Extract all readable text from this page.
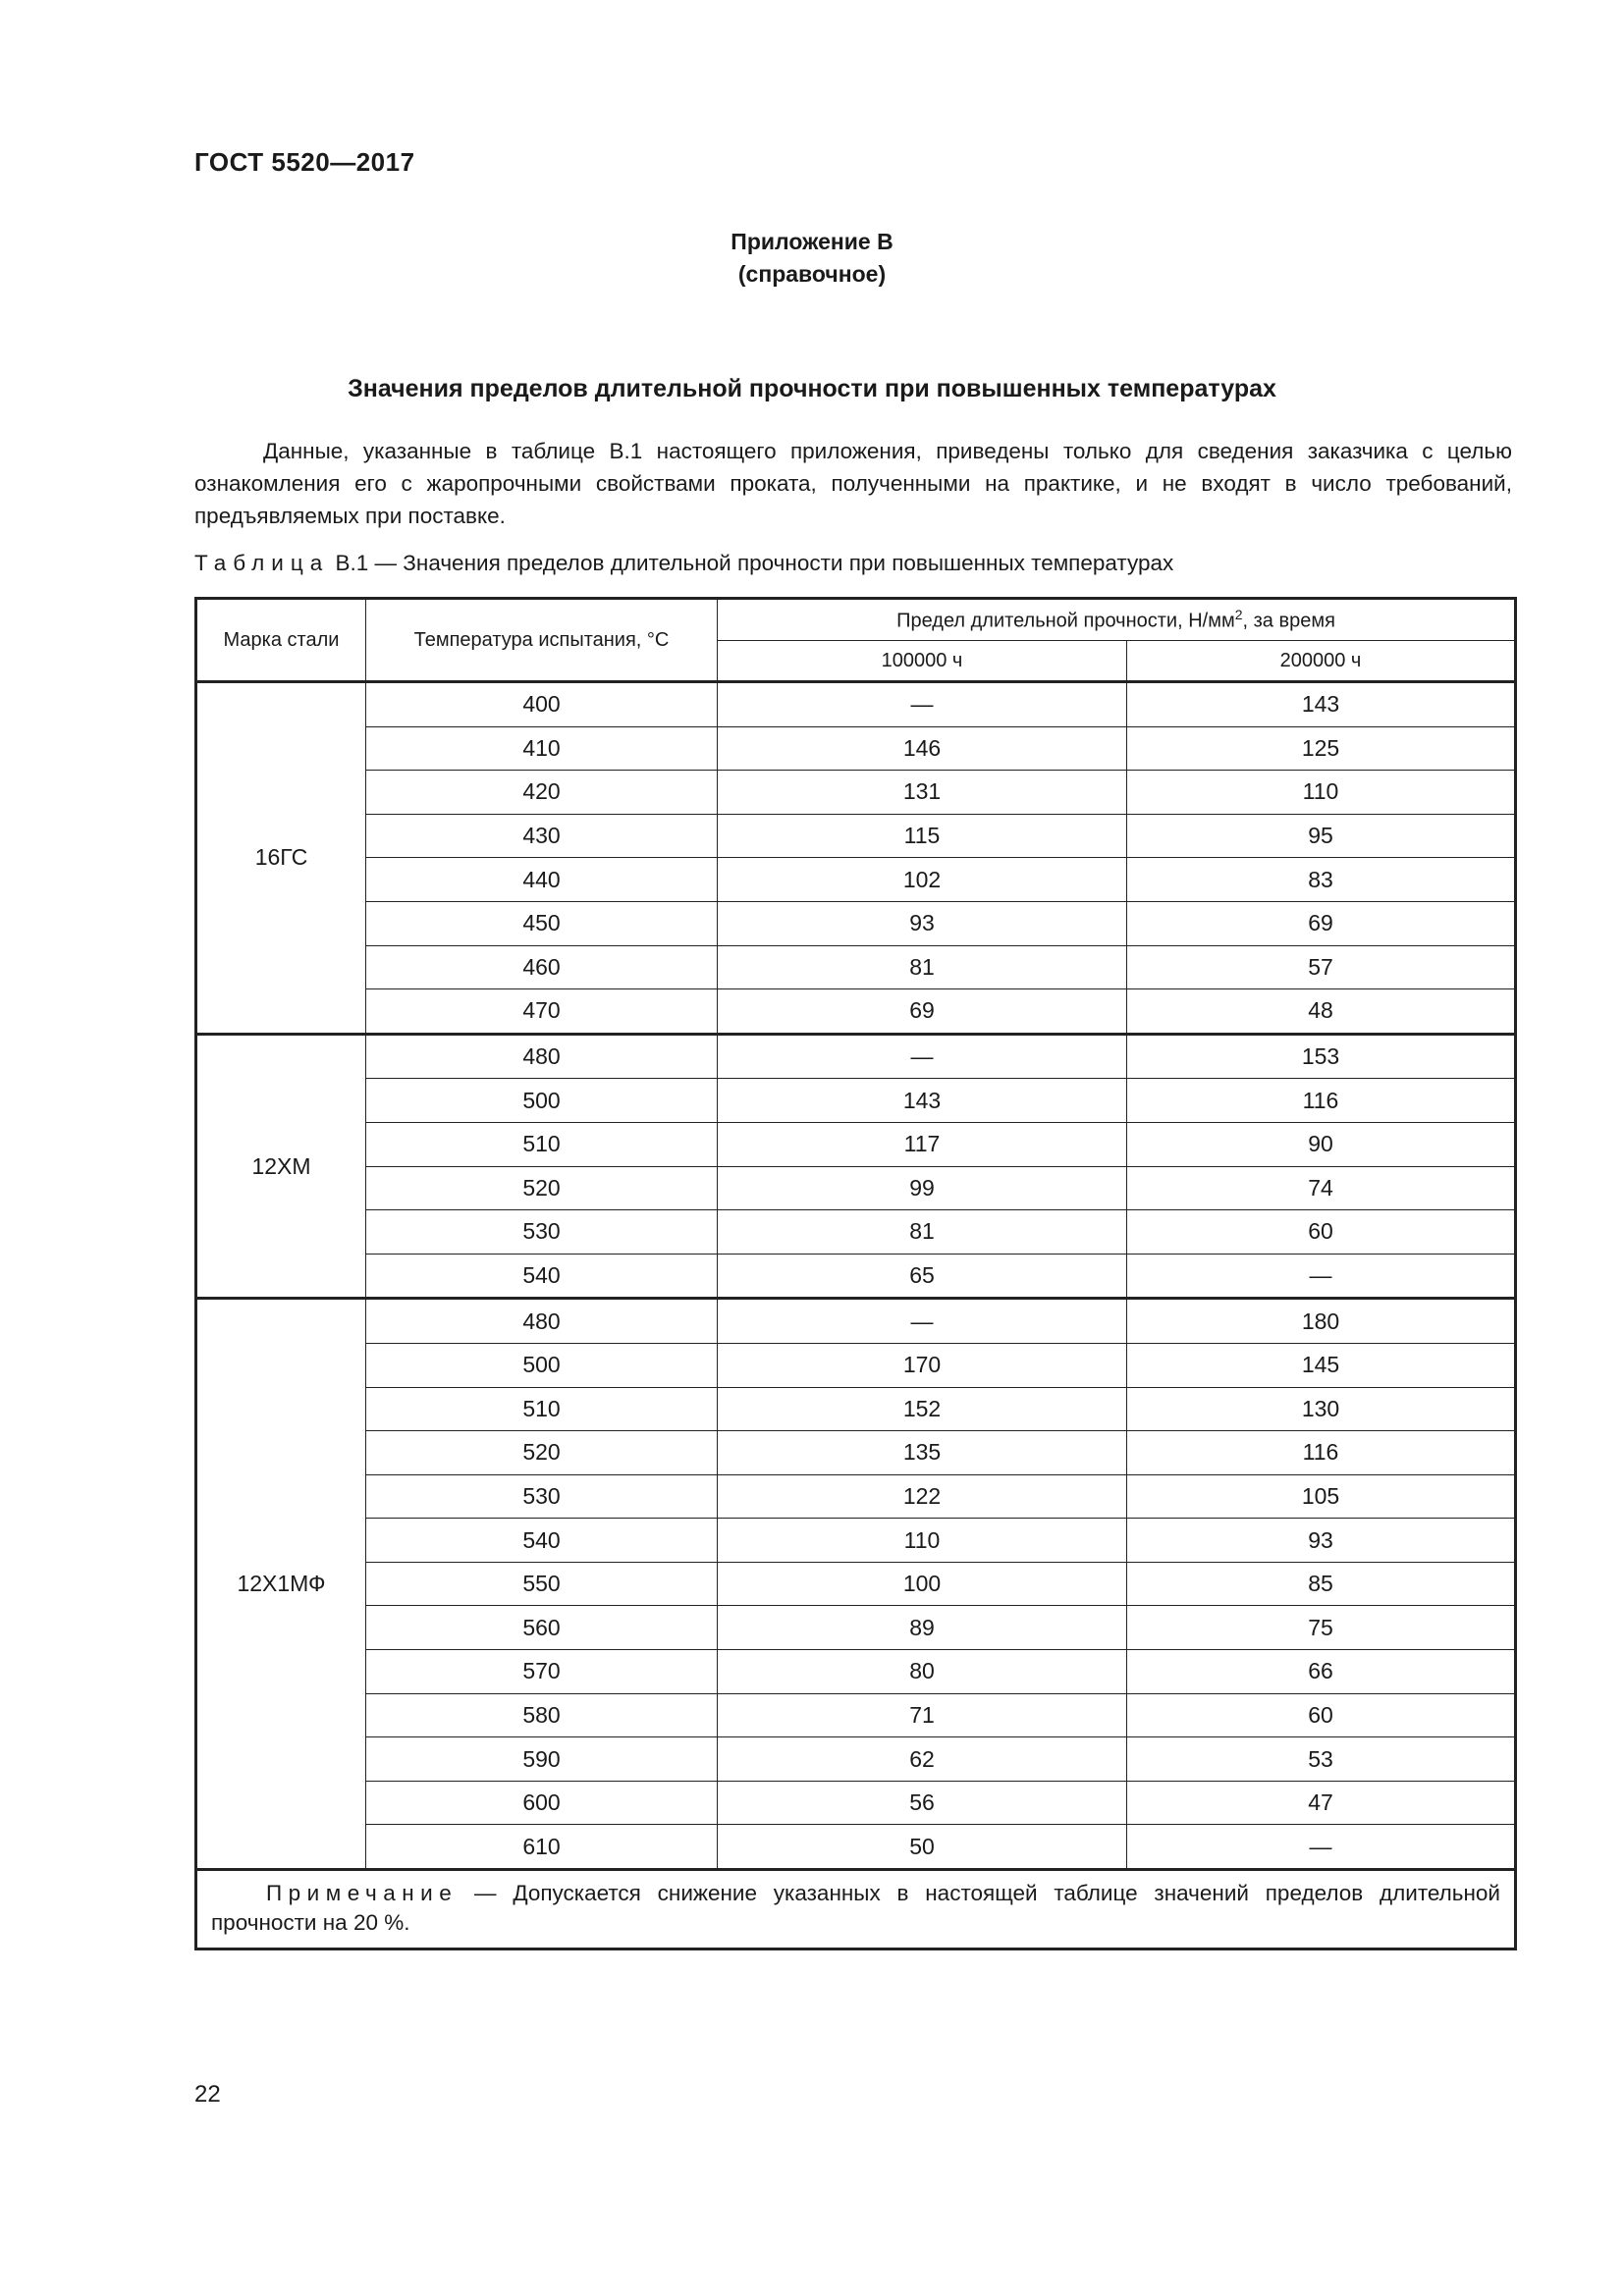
ГОСТ 5520—2017
Приложение В
(справочное)
Значения пределов длительной прочности при повышенных температурах
Данные, указанные в таблице В.1 настоящего приложения, приведены только для сведения заказчика с целью ознакомления его с жаропрочными свойствами проката, полученными на практике, и не входят в число требований, предъявляемых при поставке.
Таблица В.1 — Значения пределов длительной прочности при повышенных температурах
Марка стали	Температура испытания, °С	Предел длительной прочности, $Н/мм^2$, за время	
		100000 ч	200000 ч
16ГС	400	—	143
	410	146	125
	420	131	110
	430	115	95
	440	102	83
	450	93	69
	460	81	57
	470	69	48
12ХМ	480	—	153
	500	143	116
	510	117	90
	520	99	74
	530	81	60
	540	65	—
12Х1МФ	480	—	180
	500	170	145
	510	152	130
	520	135	116
	530	122	105
	540	110	93
	550	100	85
	560	89	75
	570	80	66
	580	71	60
	590	62	53
	600	56	47
	610	50	—

Примечание — Допускается снижение указанных в настоящей таблице значений пределов длительной прочности на 20 %.			
22
